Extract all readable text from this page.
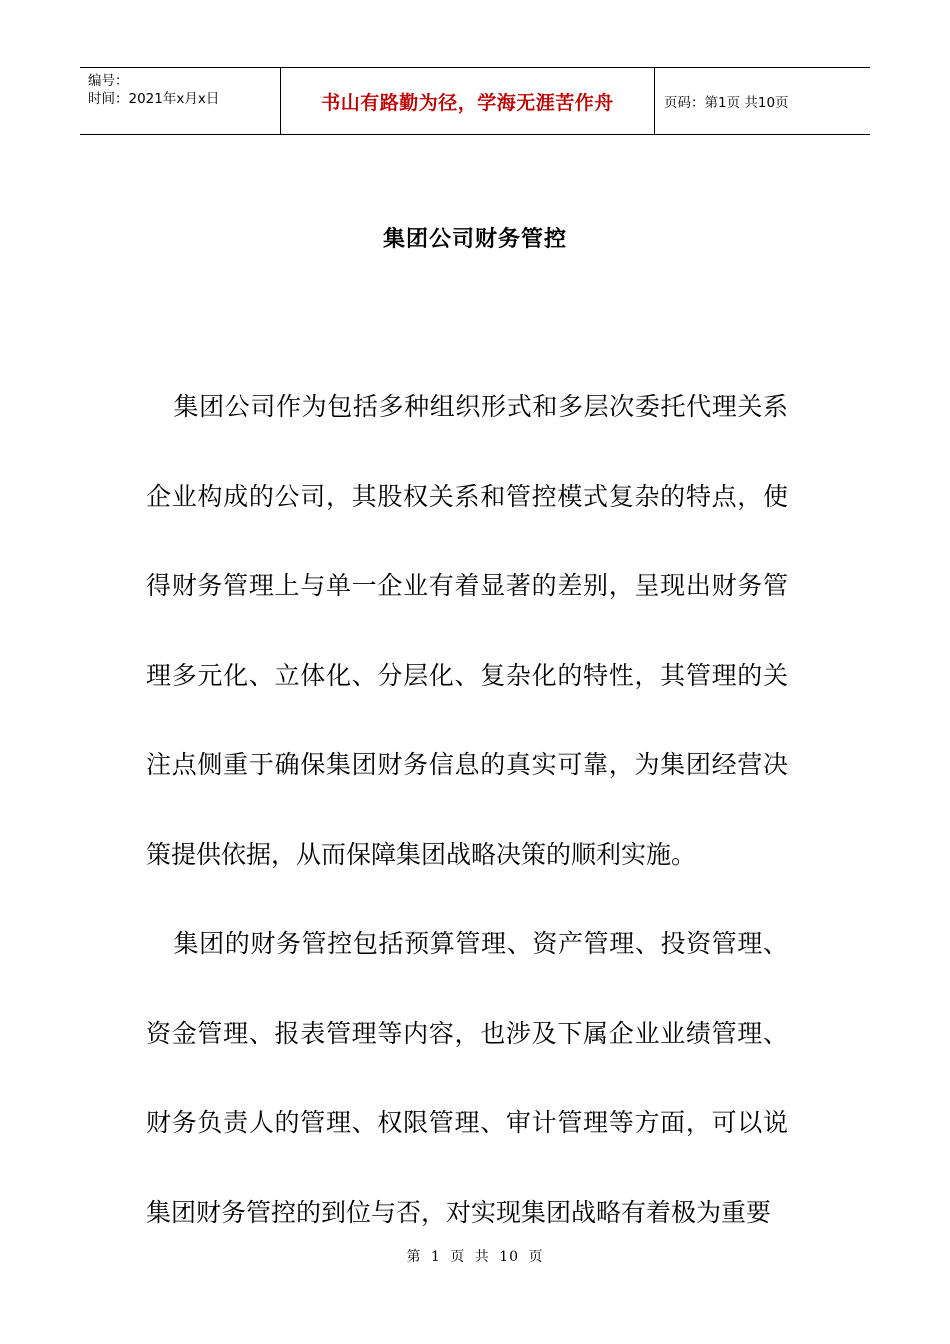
编号：
时间：2021年x月x日	书山有路勤为径，学海无涯苦作舟	页码：第1页 共10页
集团公司财务管控

集团公司作为包括多种组织形式和多层次委托代理关系企业构成的公司，其股权关系和管控模式复杂的特点，使得财务管理上与单一企业有着显著的差别，呈现出财务管理多元化、立体化、分层化、复杂化的特性，其管理的关注点侧重于确保集团财务信息的真实可靠，为集团经营决策提供依据，从而保障集团战略决策的顺利实施。

集团的财务管控包括预算管理、资产管理、投资管理、资金管理、报表管理等内容，也涉及下属企业业绩管理、财务负责人的管理、权限管理、审计管理等方面，可以说集团财务管控的到位与否，对实现集团战略有着极为重要

第 1 页 共 10 页
